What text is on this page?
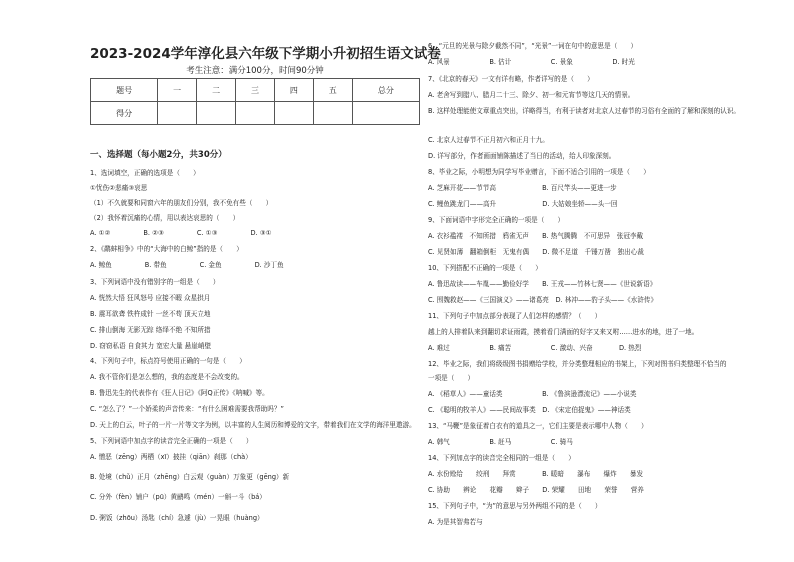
2023-2024学年淳化县六年级下学期小升初招生语文试卷
考生注意：满分100分，时间90分钟
题号	一	二	三	四	五	总分
得分						
一、选择题（每小题2分，共30分）
1、选词填空，正确的选项是（　　）
①忧伤②悲痛③哀思
（1）不久就要和同窗六年的朋友们分别，我不免有些（　　）
（2）我怀着沉痛的心情，用以表达哀思的（　　）
A. ①②　　　　　B. ②③　　　　　C. ①③　　　　　D. ③①
2、《鹬蚌相争》中的“大海中的白鲸”指的是（　　）
A. 鲸鱼　　　　　B. 带鱼　　　　　C. 金鱼　　　　　D. 沙丁鱼
3、下列词语中没有错别字的一组是（　　）
A. 恍然大悟 狂风怒号 应接不暇 众星拱月
B. 震耳欲聋 铁杵成针 一丝不苟 顶天立地
C. 排山倒海 无影无踪 络绎不绝 不知所措
D. 窃窃私语 自食其力 宽宏大量 悬崖峭壁
4、下列句子中，标点符号使用正确的一句是（　　）
A. 我不管你们是怎么想的，我的态度是不会改变的。
B. 鲁迅先生的代表作有《狂人日记》《阿Q正传》《呐喊》等。
C. “怎么了？”一个娇柔的声音传来：“有什么困难需要我帮助吗？”
D. 天上的白云，叶子的一片一片等文字为例，以丰富的人生阅历和博爱的文字，带着我们在文学的海洋里遨游。
5、下列词语中加点字的读音完全正确的一项是（　　）
A. 憎恶（zēng）两栖（xī）披挂（qiān）刹那（chà）
B. 处境（chǔ）正月（zhēng）白云观（guàn）万象更（gēng）新
C. 分外（fèn）铺户（pū）黄鹂鸣（mén）一斛一斗（bá）
D. 粥饭（zhōu）汤匙（chí）急遽（jù）一晃眼（huàng）
6、“元旦的光景与除夕截然不同”，“光景”一词在句中的意思是（　　）
A. 风景　　　　　　B. 估计　　　　　　C. 景象　　　　　　D. 时光
7、《北京的春天》一文有详有略，作者详写的是（　　）
A. 老舍写到腊八、腊月二十三、除夕、初一和元宵节等这几天的情景。
B. 这样处理能使文章重点突出，详略得当，有利于读者对北京人过春节的习俗有全面的了解和深刻的认识。
C. 北京人过春节不正月初六和正月十九。
D. 详写部分，作者画面铺陈描述了当日的活动，给人印象深刻。
8、毕业之际，小明想为同学写毕业赠言，下面不适合引用的一项是（　　）
A. 芝麻开花——节节高　　　　　　　B. 百尺竿头——更进一步
C. 鲤鱼跳龙门——高升　　　　　　　D. 大姑娘坐轿——头一回
9、下面词语中字形完全正确的一项是（　　）
A. 衣衫褴褛　不知所措　鸦雀无声　　B. 热气腾腾　不可思异　张冠李戴
C. 见贤如薄　翻箱倒柜　无鬼有偶　　D. 微不足道　千锤万凿　独出心裁
10、下列搭配不正确的一项是（　　）
A. 鲁迅故读——车胤——勤俭好学　　B. 王戎——竹林七贤——《世说新语》
C. 围魏救赵——《三国演义》——诸葛亮　D. 林冲——豹子头——《水浒传》
11、下列句子中加点部分表现了人们怎样的感情？（　　）
越上的人排着队来到翻切求证雨霞，摸着看门满面的好字又来又咐……进水的地，进了一地。
A. 难过　　　　　　B. 痛苦　　　　　　C. 激动、兴奋　　　　D. 热烈
12、毕业之际，我们将级级图书捐赠给学校，并分类整理相应的书架上，下列对图书归类整理不恰当的
一项是（　　）
A. 《稻草人》——童话类　　　　　　B. 《鲁滨逊漂流记》——小说类
C. 《聪明的牧羊人》——民间故事类　D. 《宋定伯捉鬼》——神话类
13、“马鞭”是象征着白衣有的道具之一，它们主要是表示哪中人物（　　）
A. 韩气　　　　　　B. 赶马　　　　　　C. 骑马
14、下列加点字的读音完全相同的一组是（　　）
A. 水份赊给　　绞刑　　拜赏　　　　B. 暖暗　　瀑布　　爆炸　　暴发
C. 协助　　辨论　　花瓣　　辫子　　D. 荣耀　　田地　　荣誉　　营养
15、下列句子中，“为”的意思与另外两组不同的是（　　）
A. 为是其智弗若与
